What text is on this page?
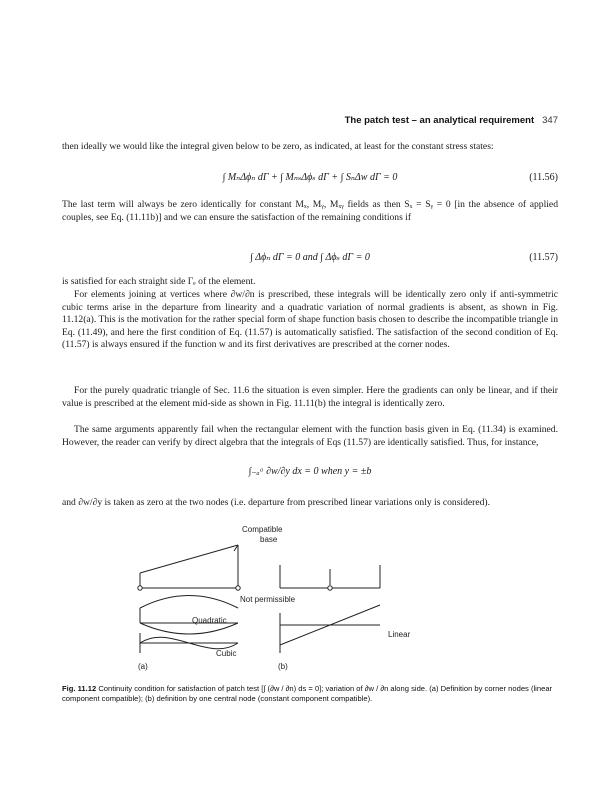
The patch test – an analytical requirement 347
then ideally we would like the integral given below to be zero, as indicated, at least for the constant stress states:
∫ MₙΔϕₙ dΓ + ∫ MₙₛΔϕₛ dΓ + ∫ SₙΔw dΓ = 0	(11.56)
The last term will always be zero identically for constant Mₓ, Mᵧ, Mₓᵧ fields as then Sₓ = Sᵧ = 0 [in the absence of applied couples, see Eq. (11.11b)] and we can ensure the satisfaction of the remaining conditions if
∫ Δϕₙ dΓ = 0 and ∫ Δϕₛ dΓ = 0	(11.57)
is satisfied for each straight side Γₑ of the element.
For elements joining at vertices where ∂w/∂n is prescribed, these integrals will be identically zero only if anti-symmetric cubic terms arise in the departure from linearity and a quadratic variation of normal gradients is absent, as shown in Fig. 11.12(a). This is the motivation for the rather special form of shape function basis chosen to describe the incompatible triangle in Eq. (11.49), and here the first condition of Eq. (11.57) is automatically satisfied. The satisfaction of the second condition of Eq. (11.57) is always ensured if the function w and its first derivatives are prescribed at the corner nodes.
For the purely quadratic triangle of Sec. 11.6 the situation is even simpler. Here the gradients can only be linear, and if their value is prescribed at the element mid-side as shown in Fig. 11.11(b) the integral is identically zero.
The same arguments apparently fail when the rectangular element with the function basis given in Eq. (11.34) is examined. However, the reader can verify by direct algebra that the integrals of Eqs (11.57) are identically satisfied. Thus, for instance,
∫₋ₐᵃ ∂w/∂y dx = 0 when y = ±b
and ∂w/∂y is taken as zero at the two nodes (i.e. departure from prescribed linear variations only is considered).
Compatible
base
Not permissible
Quadratic
Linear
Cubic
(a)	(b)
Fig. 11.12 Continuity condition for satisfaction of patch test [∫ (∂w / ∂n) ds = 0]; variation of ∂w / ∂n along side. (a) Definition by corner nodes (linear component compatible); (b) definition by one central node (constant component compatible).
